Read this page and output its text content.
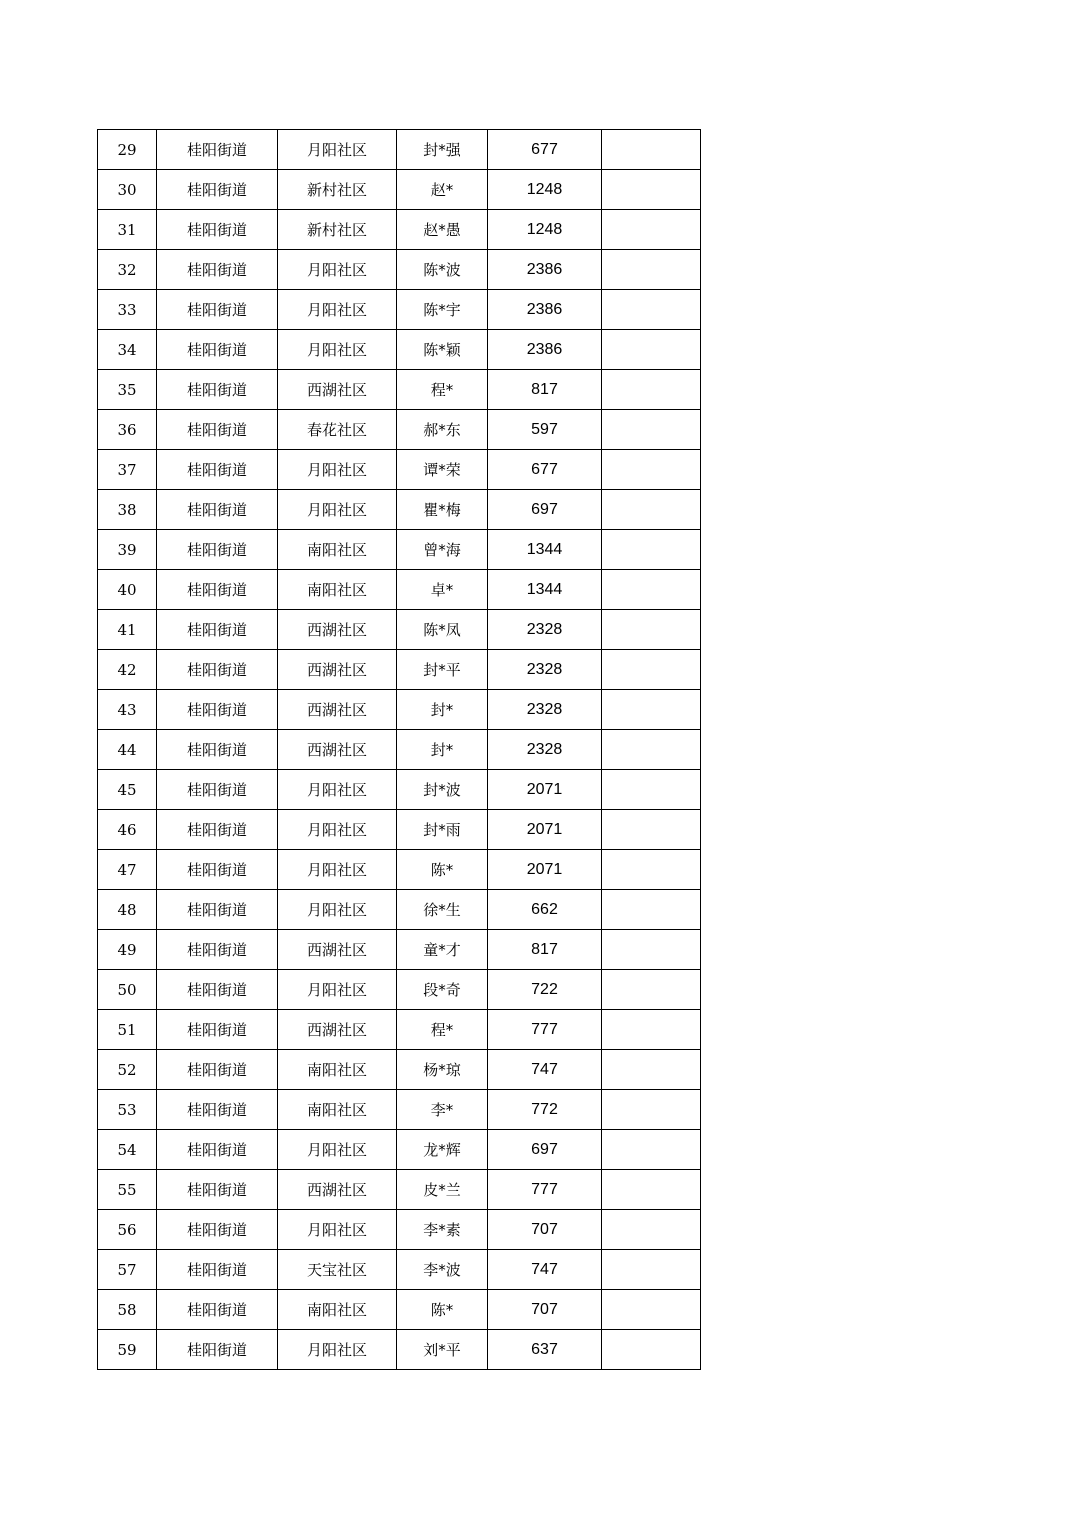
29	桂阳街道	月阳社区	封*强	677	
30	桂阳街道	新村社区	赵*	1248	
31	桂阳街道	新村社区	赵*愚	1248	
32	桂阳街道	月阳社区	陈*波	2386	
33	桂阳街道	月阳社区	陈*宇	2386	
34	桂阳街道	月阳社区	陈*颖	2386	
35	桂阳街道	西湖社区	程*	817	
36	桂阳街道	春花社区	郝*东	597	
37	桂阳街道	月阳社区	谭*荣	677	
38	桂阳街道	月阳社区	瞿*梅	697	
39	桂阳街道	南阳社区	曾*海	1344	
40	桂阳街道	南阳社区	卓*	1344	
41	桂阳街道	西湖社区	陈*凤	2328	
42	桂阳街道	西湖社区	封*平	2328	
43	桂阳街道	西湖社区	封*	2328	
44	桂阳街道	西湖社区	封*	2328	
45	桂阳街道	月阳社区	封*波	2071	
46	桂阳街道	月阳社区	封*雨	2071	
47	桂阳街道	月阳社区	陈*	2071	
48	桂阳街道	月阳社区	徐*生	662	
49	桂阳街道	西湖社区	童*才	817	
50	桂阳街道	月阳社区	段*奇	722	
51	桂阳街道	西湖社区	程*	777	
52	桂阳街道	南阳社区	杨*琼	747	
53	桂阳街道	南阳社区	李*	772	
54	桂阳街道	月阳社区	龙*辉	697	
55	桂阳街道	西湖社区	皮*兰	777	
56	桂阳街道	月阳社区	李*素	707	
57	桂阳街道	天宝社区	李*波	747	
58	桂阳街道	南阳社区	陈*	707	
59	桂阳街道	月阳社区	刘*平	637	
